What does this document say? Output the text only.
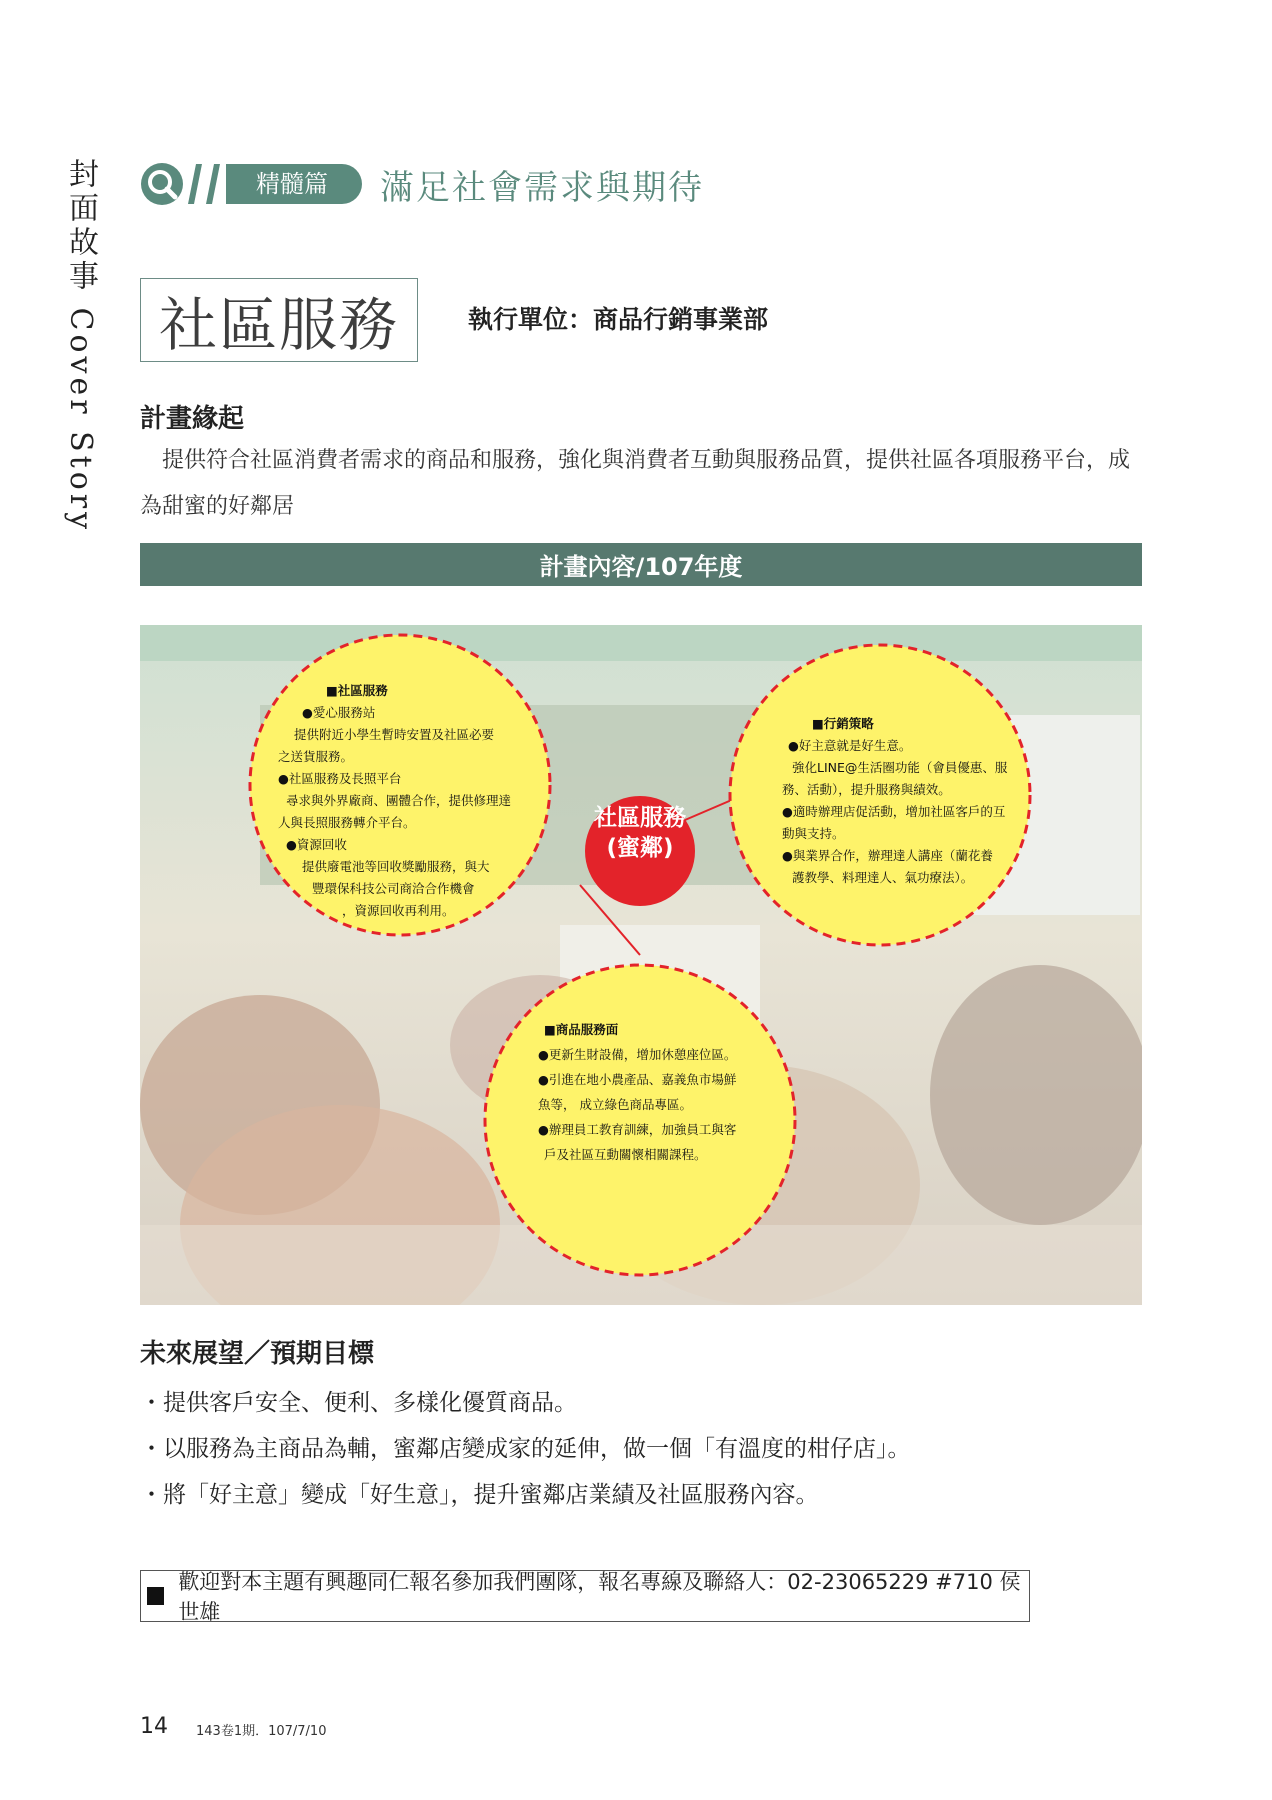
封面故事 Cover Story	精髓篇	滿足社會需求與期待
社區服務	執行單位：商品行銷事業部
計畫緣起
提供符合社區消費者需求的商品和服務，強化與消費者互動與服務品質，提供社區各項服務平台，成為甜蜜的好鄰居
計畫內容/107年度
社區服務
(蜜鄰)
■社區服務
●愛心服務站
提供附近小學生暫時安置及社區必要
之送貨服務。
●社區服務及長照平台
尋求與外界廠商、團體合作，提供修理達
人與長照服務轉介平台。
●資源回收
提供廢電池等回收獎勵服務，與大
豐環保科技公司商洽合作機會
，資源回收再利用。
■行銷策略
●好主意就是好生意。
強化LINE@生活圈功能（會員優惠、服
務、活動），提升服務與績效。
●適時辦理店促活動，增加社區客戶的互
動與支持。
●與業界合作，辦理達人講座（蘭花養
護教學、料理達人、氣功療法）。
■商品服務面
●更新生財設備，增加休憩座位區。
●引進在地小農產品、嘉義魚市場鮮
魚等， 成立綠色商品專區。
●辦理員工教育訓練，加強員工與客
戶及社區互動關懷相關課程。
未來展望／預期目標
・提供客戶安全、便利、多樣化優質商品。
・以服務為主商品為輔，蜜鄰店變成家的延伸，做一個「有溫度的柑仔店」。
・將「好主意」變成「好生意」，提升蜜鄰店業績及社區服務內容。
歡迎對本主題有興趣同仁報名參加我們團隊，報名專線及聯絡人：02-23065229 #710 侯世雄
14 143卷1期．107/7/10
